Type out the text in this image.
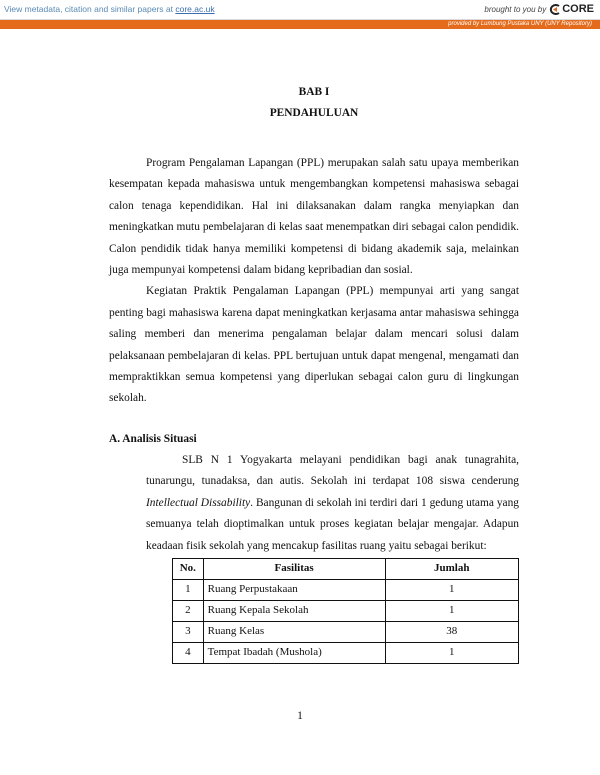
View metadata, citation and similar papers at core.ac.uk	brought to you by CORE
provided by Lumbung Pustaka UNY (UNY Repository)
BAB I
PENDAHULUAN

Program Pengalaman Lapangan (PPL) merupakan salah satu upaya memberikan kesempatan kepada mahasiswa untuk mengembangkan kompetensi mahasiswa sebagai calon tenaga kependidikan. Hal ini dilaksanakan dalam rangka menyiapkan dan meningkatkan mutu pembelajaran di kelas saat menempatkan diri sebagai calon pendidik. Calon pendidik tidak hanya memiliki kompetensi di bidang akademik saja, melainkan juga mempunyai kompetensi dalam bidang kepribadian dan sosial.

Kegiatan Praktik Pengalaman Lapangan (PPL) mempunyai arti yang sangat penting bagi mahasiswa karena dapat meningkatkan kerjasama antar mahasiswa sehingga saling memberi dan menerima pengalaman belajar dalam mencari solusi dalam pelaksanaan pembelajaran di kelas. PPL bertujuan untuk dapat mengenal, mengamati dan mempraktikkan semua kompetensi yang diperlukan sebagai calon guru di lingkungan sekolah.

A. Analisis Situasi

SLB N 1 Yogyakarta melayani pendidikan bagi anak tunagrahita, tunarungu, tunadaksa, dan autis. Sekolah ini terdapat 108 siswa cenderung Intellectual Dissability. Bangunan di sekolah ini terdiri dari 1 gedung utama yang semuanya telah dioptimalkan untuk proses kegiatan belajar mengajar. Adapun keadaan fisik sekolah yang mencakup fasilitas ruang yaitu sebagai berikut:

No.	Fasilitas	Jumlah
1	Ruang Perpustakaan	1
2	Ruang Kepala Sekolah	1
3	Ruang Kelas	38
4	Tempat Ibadah (Mushola)	1
1
